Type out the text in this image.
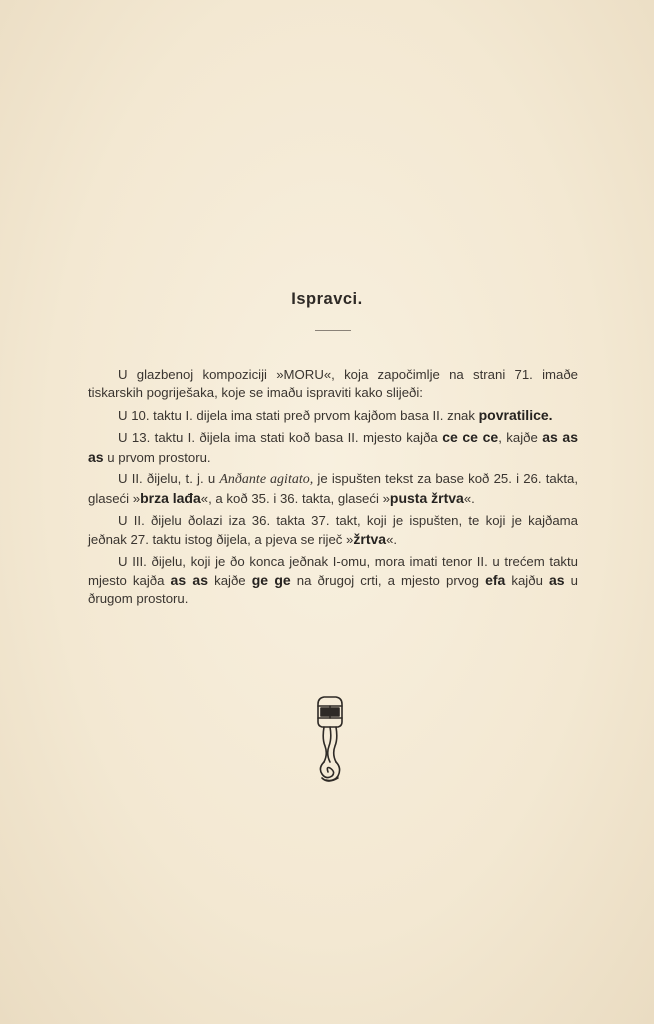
Ispravci.

U glazbenoj kompoziciji »MORU«, koja započimlje na strani 71. imaðe tiskarskih pogriješaka, koje se imaðu ispraviti kako slijeði:

U 10. taktu I. dijela ima stati preð prvom kajðom basa II. znak povratilice.

U 13. taktu I. ðijela ima stati koð basa II. mjesto kajða ce ce ce, kajðe as as as u prvom prostoru.

U II. ðijelu, t. j. u Anðante agitato, je ispušten tekst za base koð 25. i 26. takta, glaseći »brza lađa«, a koð 35. i 36. takta, glaseći »pusta žrtva«.

U II. ðijelu ðolazi iza 36. takta 37. takt, koji je ispušten, te koji je kajðama jeðnak 27. taktu istog ðijela, a pjeva se riječ »žrtva«.

U III. ðijelu, koji je ðo konca jeðnak I-omu, mora imati tenor II. u trećem taktu mjesto kajða as as kajðe ge ge na ðrugoj crti, a mjesto prvog efa kajðu as u ðrugom prostoru.
